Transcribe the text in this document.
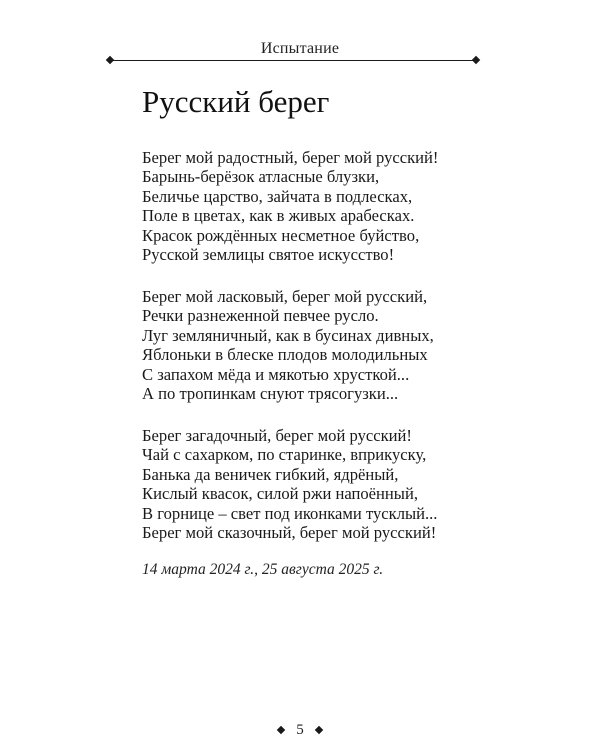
Испытание
Русский берег
Берег мой радостный, берег мой русский!
Барынь-берёзок атласные блузки,
Беличье царство, зайчата в подлесках,
Поле в цветах, как в живых арабесках.
Красок рождённых несметное буйство,
Русской землицы святое искусство!
Берег мой ласковый, берег мой русский,
Речки разнеженной певчее русло.
Луг земляничный, как в бусинах дивных,
Яблоньки в блеске плодов молодильных
С запахом мёда и мякотью хрусткой...
А по тропинкам снуют трясогузки...
Берег загадочный, берег мой русский!
Чай с сахарком, по старинке, вприкуску,
Банька да веничек гибкий, ядрёный,
Кислый квасок, силой ржи напоённый,
В горнице – свет под иконками тусклый...
Берег мой сказочный, берег мой русский!
14 марта 2024 г., 25 августа 2025 г.
5
